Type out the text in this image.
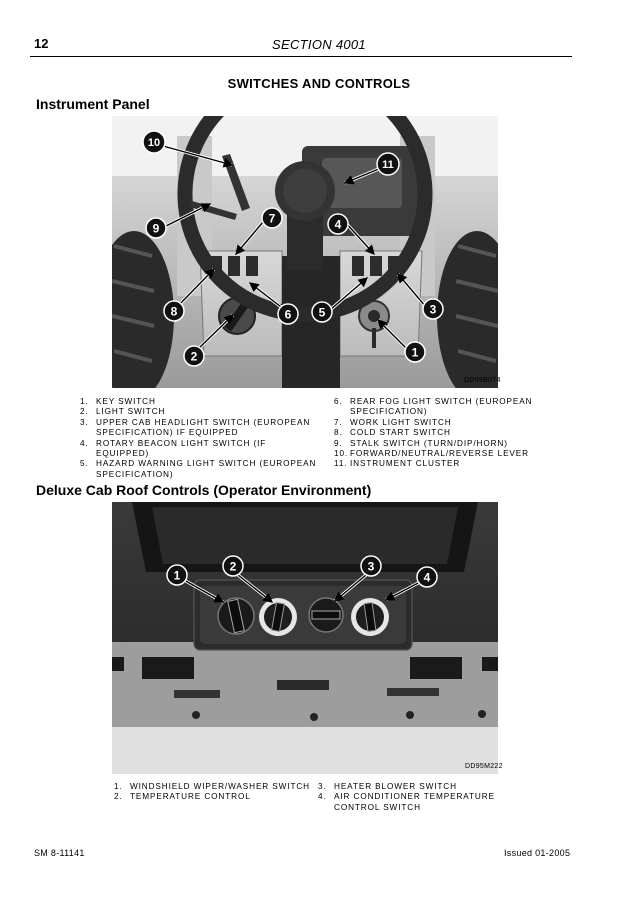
12	SECTION 4001
SWITCHES AND CONTROLS
Instrument Panel
1
2
3
4
5
6
7
8
9
10
11
DD99B074
1. KEY SWITCH
2. LIGHT SWITCH
3. UPPER CAB HEADLIGHT SWITCH (EUROPEAN SPECIFICATION) IF EQUIPPED
4. ROTARY BEACON LIGHT SWITCH (IF EQUIPPED)
5. HAZARD WARNING LIGHT SWITCH (EUROPEAN SPECIFICATION)
6. REAR FOG LIGHT SWITCH (EUROPEAN SPECIFICATION)
7. WORK LIGHT SWITCH
8. COLD START SWITCH
9. STALK SWITCH (TURN/DIP/HORN)
10. FORWARD/NEUTRAL/REVERSE LEVER
11. INSTRUMENT CLUSTER
Deluxe Cab Roof Controls (Operator Environment)
1
2	3
4
DD95M222
1. WINDSHIELD WIPER/WASHER SWITCH
2. TEMPERATURE CONTROL
3. HEATER BLOWER SWITCH
4. AIR CONDITIONER TEMPERATURE CONTROL SWITCH
SM 8-11141	Issued 01-2005
